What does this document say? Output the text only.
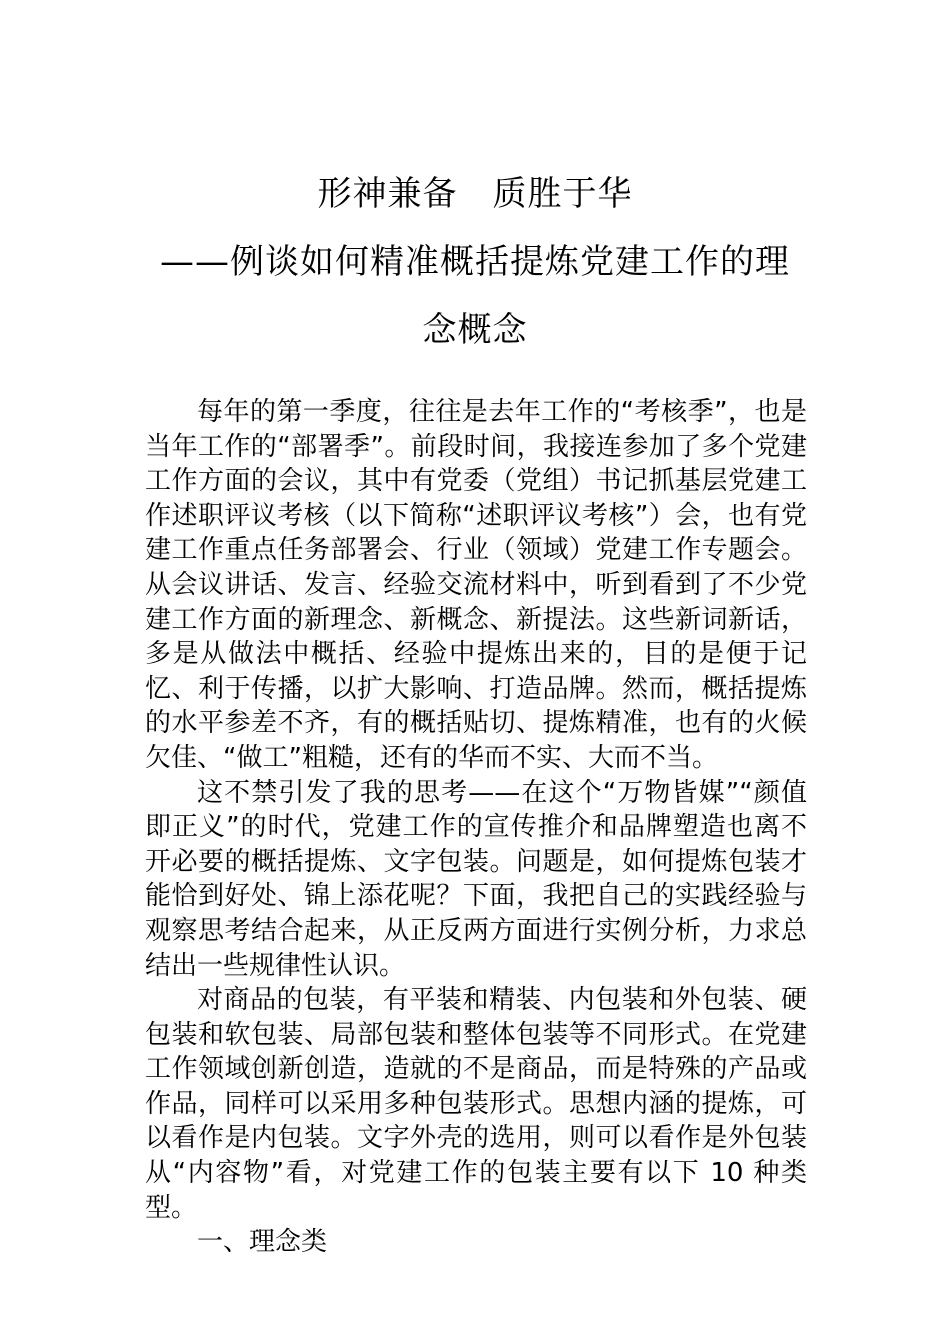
形神兼备　质胜于华
——例谈如何精准概括提炼党建工作的理
念概念

每年的第一季度，往往是去年工作的“考核季”，也是当年工作的“部署季”。前段时间，我接连参加了多个党建工作方面的会议，其中有党委（党组）书记抓基层党建工作述职评议考核（以下简称“述职评议考核”）会，也有党建工作重点任务部署会、行业（领域）党建工作专题会。从会议讲话、发言、经验交流材料中，听到看到了不少党建工作方面的新理念、新概念、新提法。这些新词新话，多是从做法中概括、经验中提炼出来的，目的是便于记忆、利于传播，以扩大影响、打造品牌。然而，概括提炼的水平参差不齐，有的概括贴切、提炼精准，也有的火候欠佳、“做工”粗糙，还有的华而不实、大而不当。

这不禁引发了我的思考——在这个“万物皆媒”“颜值即正义”的时代，党建工作的宣传推介和品牌塑造也离不开必要的概括提炼、文字包装。问题是，如何提炼包装才能恰到好处、锦上添花呢？下面，我把自己的实践经验与观察思考结合起来，从正反两方面进行实例分析，力求总结出一些规律性认识。

对商品的包装，有平装和精装、内包装和外包装、硬包装和软包装、局部包装和整体包装等不同形式。在党建工作领域创新创造，造就的不是商品，而是特殊的产品或作品，同样可以采用多种包装形式。思想内涵的提炼，可以看作是内包装。文字外壳的选用，则可以看作是外包装从“内容物”看，对党建工作的包装主要有以下 10 种类型。

一、理念类
